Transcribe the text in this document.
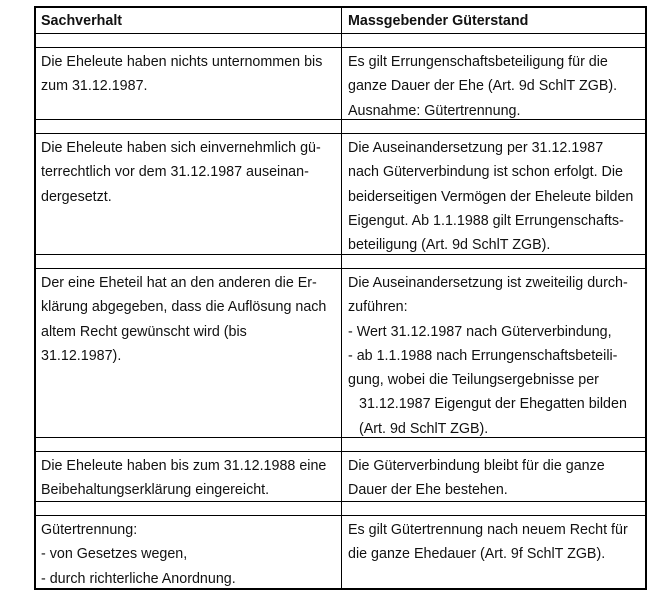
Sachverhalt	Massgebender Güterstand
Die Eheleute haben nichts unternommen bis
zum 31.12.1987.
Es gilt Errungenschaftsbeteiligung für die
ganze Dauer der Ehe (Art. 9d SchlT ZGB).
Ausnahme: Gütertrennung.
Die Eheleute haben sich einvernehmlich gü-
terrechtlich vor dem 31.12.1987 auseinan-
dergesetzt.
Die Auseinandersetzung per 31.12.1987
nach Güterverbindung ist schon erfolgt. Die
beiderseitigen Vermögen der Eheleute bilden
Eigengut. Ab 1.1.1988 gilt Errungenschafts-
beteiligung (Art. 9d SchlT ZGB).
Der eine Eheteil hat an den anderen die Er-
klärung abgegeben, dass die Auflösung nach
altem Recht gewünscht wird (bis
31.12.1987).
Die Auseinandersetzung ist zweiteilig durch-
zuführen:
- Wert 31.12.1987 nach Güterverbindung,
- ab 1.1.1988 nach Errungenschaftsbeteili-
gung, wobei die Teilungsergebnisse per
31.12.1987 Eigengut der Ehegatten bilden
(Art. 9d SchlT ZGB).
Die Eheleute haben bis zum 31.12.1988 eine
Beibehaltungserklärung eingereicht.
Die Güterverbindung bleibt für die ganze
Dauer der Ehe bestehen.
Gütertrennung:
- von Gesetzes wegen,
- durch richterliche Anordnung.
Es gilt Gütertrennung nach neuem Recht für
die ganze Ehedauer (Art. 9f SchlT ZGB).
